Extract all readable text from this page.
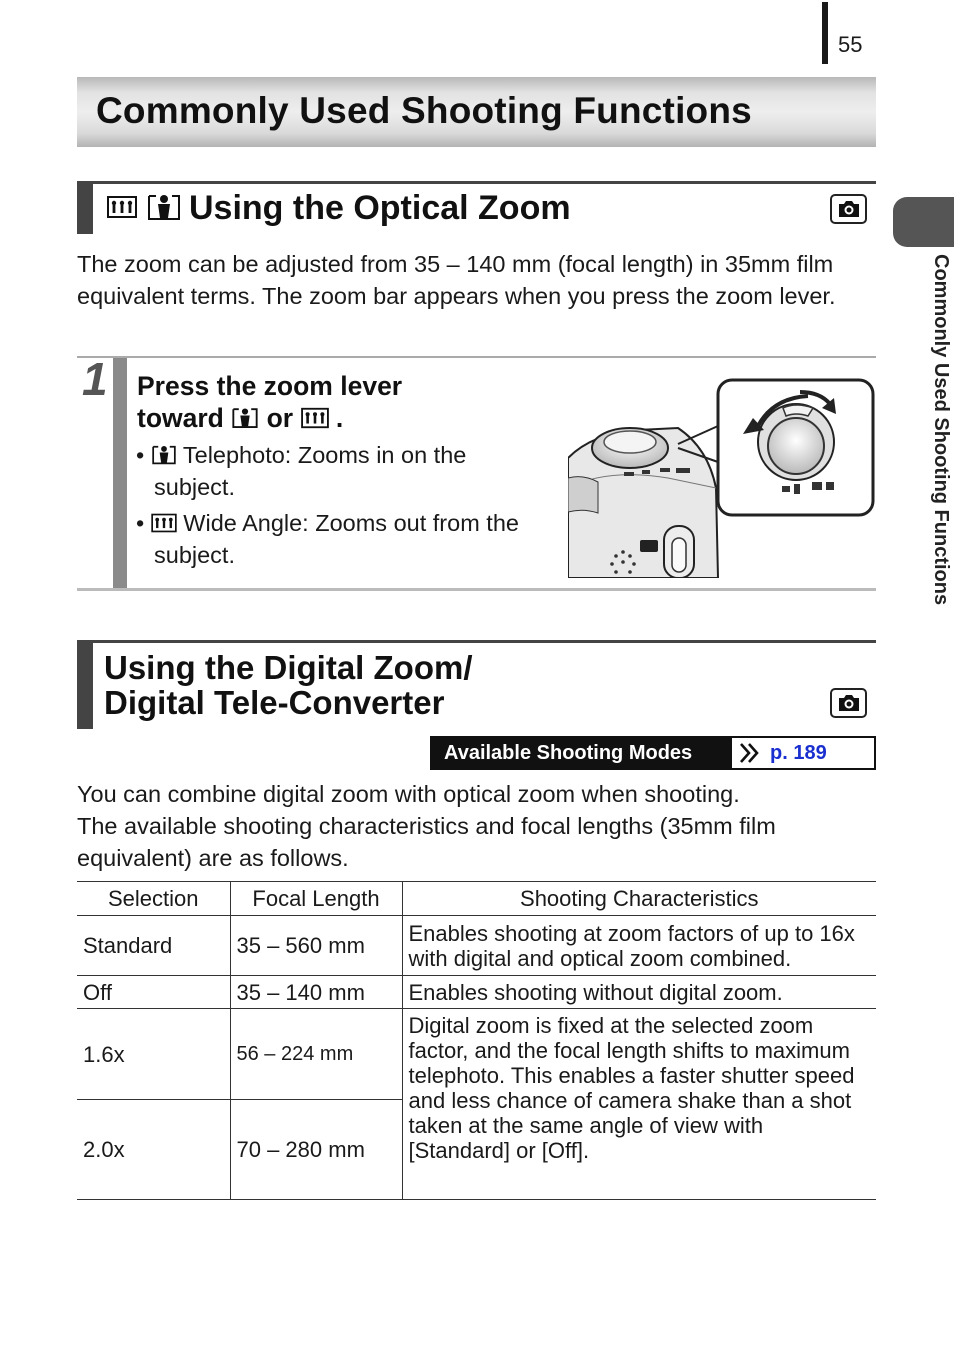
55
Commonly Used Shooting Functions
Commonly Used Shooting Functions
Using the Optical Zoom
The zoom can be adjusted from 35 – 140 mm (focal length) in 35mm film equivalent terms. The zoom bar appears when you press the zoom lever.
1 Press the zoom lever
toward or .
• Telephoto: Zooms in on the
subject.
• Wide Angle: Zooms out from the
subject.
Using the Digital Zoom/
Digital Tele-Converter
Available Shooting Modes	p. 189
You can combine digital zoom with optical zoom when shooting.
The available shooting characteristics and focal lengths (35mm film
equivalent) are as follows.
Selection	Focal Length	Shooting Characteristics
Standard	35 – 560 mm	Enables shooting at zoom factors of up to 16x with digital and optical zoom combined.
Off	35 – 140 mm	Enables shooting without digital zoom.
1.6x	56 – 224 mm	Digital zoom is fixed at the selected zoom factor, and the focal length shifts to maximum telephoto. This enables a faster shutter speed and less chance of camera shake than a shot taken at the same angle of view with [Standard] or [Off].
2.0x	70 – 280 mm	
